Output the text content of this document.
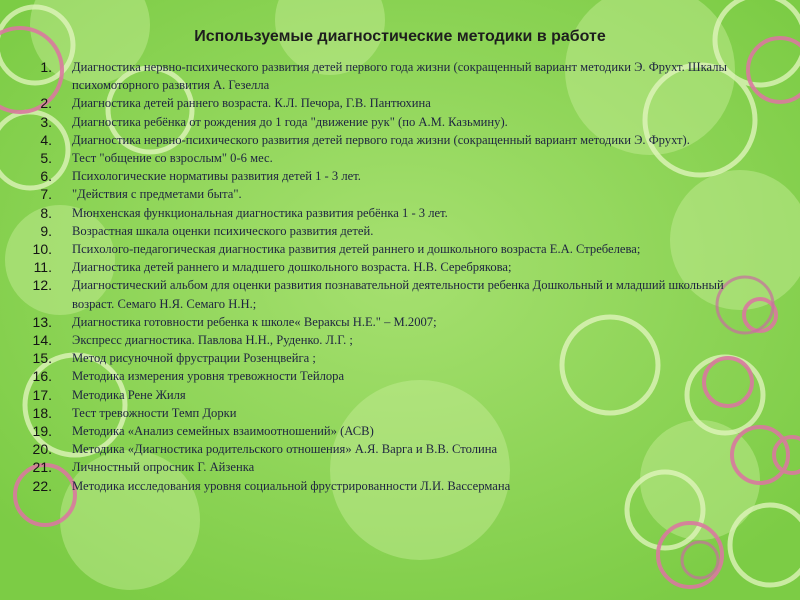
Используемые диагностические методики в работе
1. Диагностика нервно-психического развития детей первого года жизни (сокращенный вариант методики Э. Фрухт. Шкалы психомоторного развития А. Гезелла
2. Диагностика детей раннего возраста. К.Л. Печора, Г.В. Пантюхина
3. Диагностика ребёнка от рождения до 1 года "движение рук" (по А.М. Казьмину).
4. Диагностика нервно-психического развития детей первого года жизни (сокращенный вариант методики Э. Фрухт).
5. Тест "общение со взрослым" 0-6 мес.
6. Психологические нормативы развития детей 1 - 3 лет.
7. "Действия с предметами быта".
8. Мюнхенская функциональная диагностика развития ребёнка 1 - 3 лет.
9. Возрастная шкала оценки психического развития детей.
10. Психолого-педагогическая диагностика развития детей раннего и дошкольного возраста Е.А. Стребелева;
11. Диагностика детей раннего и младшего дошкольного возраста. Н.В. Серебрякова;
12. Диагностический альбом для оценки развития познавательной деятельности ребенка Дошкольный и младший школьный возраст. Семаго Н.Я. Семаго Н.Н.;
13. Диагностика готовности ребенка к школе« Вераксы Н.Е." – М.2007;
14. Экспресс диагностика. Павлова Н.Н., Руденко. Л.Г. ;
15. Метод рисуночной фрустрации Розенцвейга ;
16. Методика измерения уровня тревожности Тейлора
17. Методика Рене Жиля
18. Тест тревожности Темп Дорки
19. Методика «Анализ семейных взаимоотношений» (АСВ)
20. Методика «Диагностика родительского отношения» А.Я. Варга и В.В. Столина
21. Личностный опросник Г. Айзенка
22. Методика исследования уровня социальной фрустрированности Л.И. Вассермана
